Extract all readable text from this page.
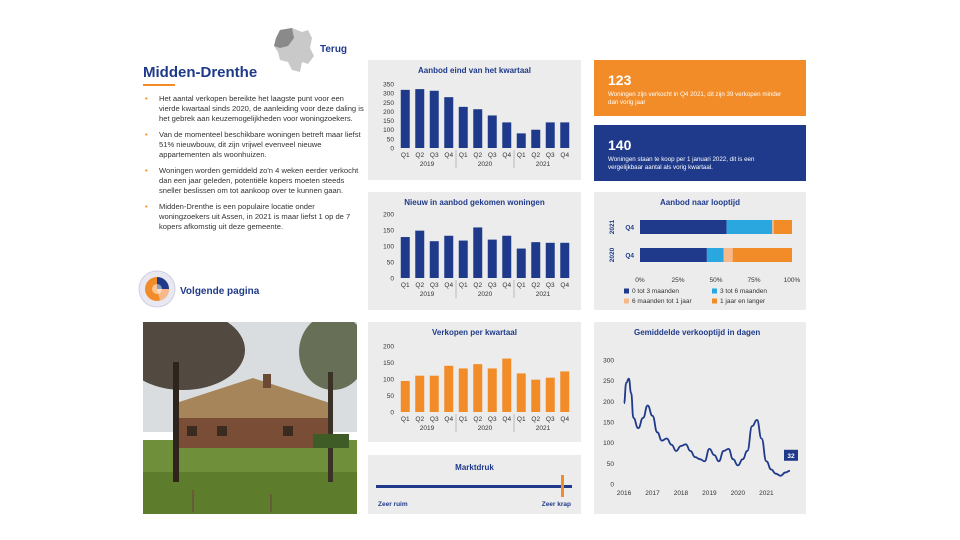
Terug
Midden-Drenthe
• Het aantal verkopen bereikte het laagste punt voor een vierde kwartaal sinds 2020, de aanleiding voor deze daling is het gebrek aan keuzemogelijkheden voor woningzoekers.
• Van de momenteel beschikbare woningen betreft maar liefst 51% nieuwbouw, dit zijn vrijwel evenveel nieuwe appartementen als woonhuizen.
• Woningen worden gemiddeld zo'n 4 weken eerder verkocht dan een jaar geleden, potentiële kopers moeten steeds sneller beslissen om tot aankoop over te kunnen gaan.
• Midden-Drenthe is een populaire locatie onder woningzoekers uit Assen, in 2021 is maar liefst 1 op de 7 kopers afkomstig uit deze gemeente.
Volgende pagina
123
Woningen zijn verkocht in Q4 2021, dit zijn 39 verkopen minder dan vorig jaar
140
Woningen staan te koop per 1 januari 2022, dit is een vergelijkbaar aantal als vorig kwartaal.
Aanbod eind van het kwartaal
0
50
100
150
200
250
300
350
Q1 Q2 Q3 Q4 Q1 Q2 Q3 Q4 Q1 Q2 Q3 Q4
2019	2020	2021
Nieuw in aanbod gekomen woningen
0
50
100
150
200
Q1 Q2 Q3 Q4 Q1 Q2 Q3 Q4 Q1 Q2 Q3 Q4
2019	2020	2021
Aanbod naar looptijd
Q4
2021
Q4
2020
0%	25%	50%	75%	100%
0 tot 3 maanden	3 tot 6 maanden
6 maanden tot 1 jaar	1 jaar en langer
Verkopen per kwartaal
0
50
100
150
200
Q1 Q2 Q3 Q4 Q1 Q2 Q3 Q4 Q1 Q2 Q3 Q4
2019	2020	2021
Gemiddelde verkooptijd in dagen
0
50
100
150
200
250
300
2016 2017 2018 2019 2020 2021
32
Marktdruk
Zeer ruim	Zeer krap
